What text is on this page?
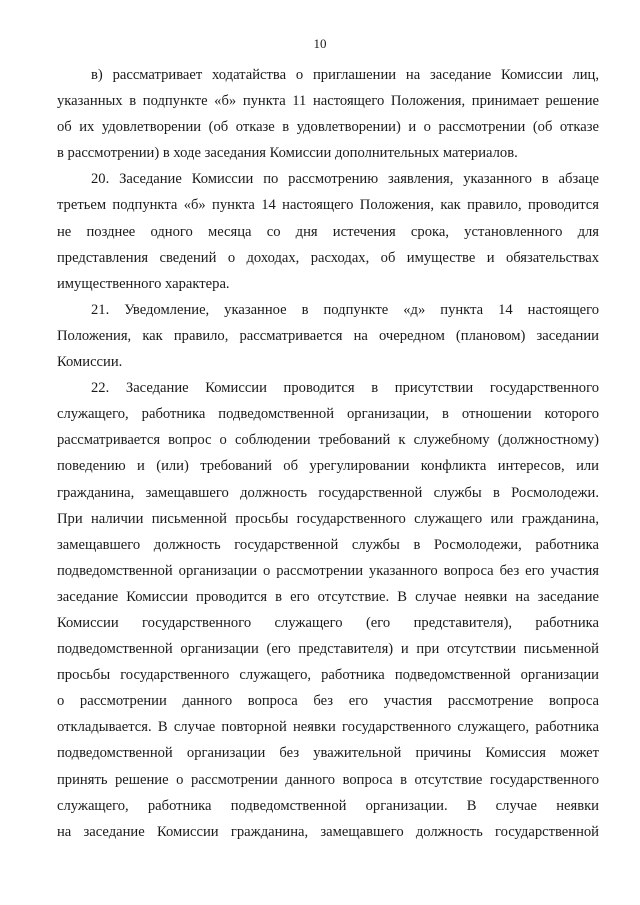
10
в) рассматривает ходатайства о приглашении на заседание Комиссии лиц,
указанных в подпункте «б» пункта 11 настоящего Положения, принимает решение
об их удовлетворении (об отказе в удовлетворении) и о рассмотрении (об отказе
в рассмотрении) в ходе заседания Комиссии дополнительных материалов.
20. Заседание Комиссии по рассмотрению заявления, указанного в абзаце
третьем подпункта «б» пункта 14 настоящего Положения, как правило, проводится
не позднее одного месяца со дня истечения срока, установленного для
представления сведений о доходах, расходах, об имуществе и обязательствах
имущественного характера.
21. Уведомление, указанное в подпункте «д» пункта 14 настоящего
Положения, как правило, рассматривается на очередном (плановом) заседании
Комиссии.
22. Заседание Комиссии проводится в присутствии государственного
служащего, работника подведомственной организации, в отношении которого
рассматривается вопрос о соблюдении требований к служебному (должностному)
поведению и (или) требований об урегулировании конфликта интересов, или
гражданина, замещавшего должность государственной службы в Росмолодежи.
При наличии письменной просьбы государственного служащего или гражданина,
замещавшего должность государственной службы в Росмолодежи, работника
подведомственной организации о рассмотрении указанного вопроса без его участия
заседание Комиссии проводится в его отсутствие. В случае неявки на заседание
Комиссии государственного служащего (его представителя), работника
подведомственной организации (его представителя) и при отсутствии письменной
просьбы государственного служащего, работника подведомственной организации
о рассмотрении данного вопроса без его участия рассмотрение вопроса
откладывается. В случае повторной неявки государственного служащего, работника
подведомственной организации без уважительной причины Комиссия может
принять решение о рассмотрении данного вопроса в отсутствие государственного
служащего, работника подведомственной организации. В случае неявки
на заседание Комиссии гражданина, замещавшего должность государственной
